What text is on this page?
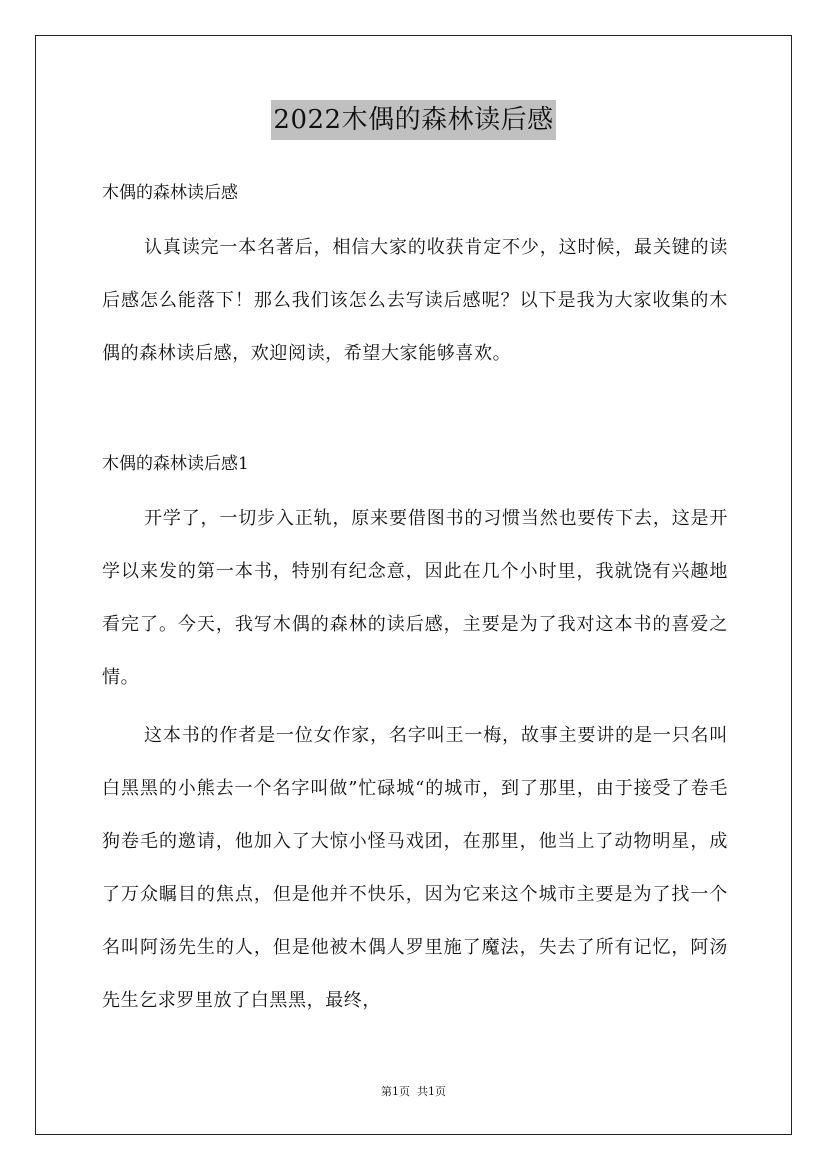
2022木偶的森林读后感
木偶的森林读后感

认真读完一本名著后，相信大家的收获肯定不少，这时候，最关键的读后感怎么能落下！那么我们该怎么去写读后感呢？以下是我为大家收集的木偶的森林读后感，欢迎阅读，希望大家能够喜欢。

木偶的森林读后感1

开学了，一切步入正轨，原来要借图书的习惯当然也要传下去，这是开学以来发的第一本书，特别有纪念意，因此在几个小时里，我就饶有兴趣地看完了。今天，我写木偶的森林的读后感，主要是为了我对这本书的喜爱之情。

这本书的作者是一位女作家，名字叫王一梅，故事主要讲的是一只名叫白黑黑的小熊去一个名字叫做”忙碌城“的城市，到了那里，由于接受了卷毛狗卷毛的邀请，他加入了大惊小怪马戏团，在那里，他当上了动物明星，成了万众瞩目的焦点，但是他并不快乐，因为它来这个城市主要是为了找一个名叫阿汤先生的人，但是他被木偶人罗里施了魔法，失去了所有记忆，阿汤先生乞求罗里放了白黑黑，最终，

第1页  共1页
